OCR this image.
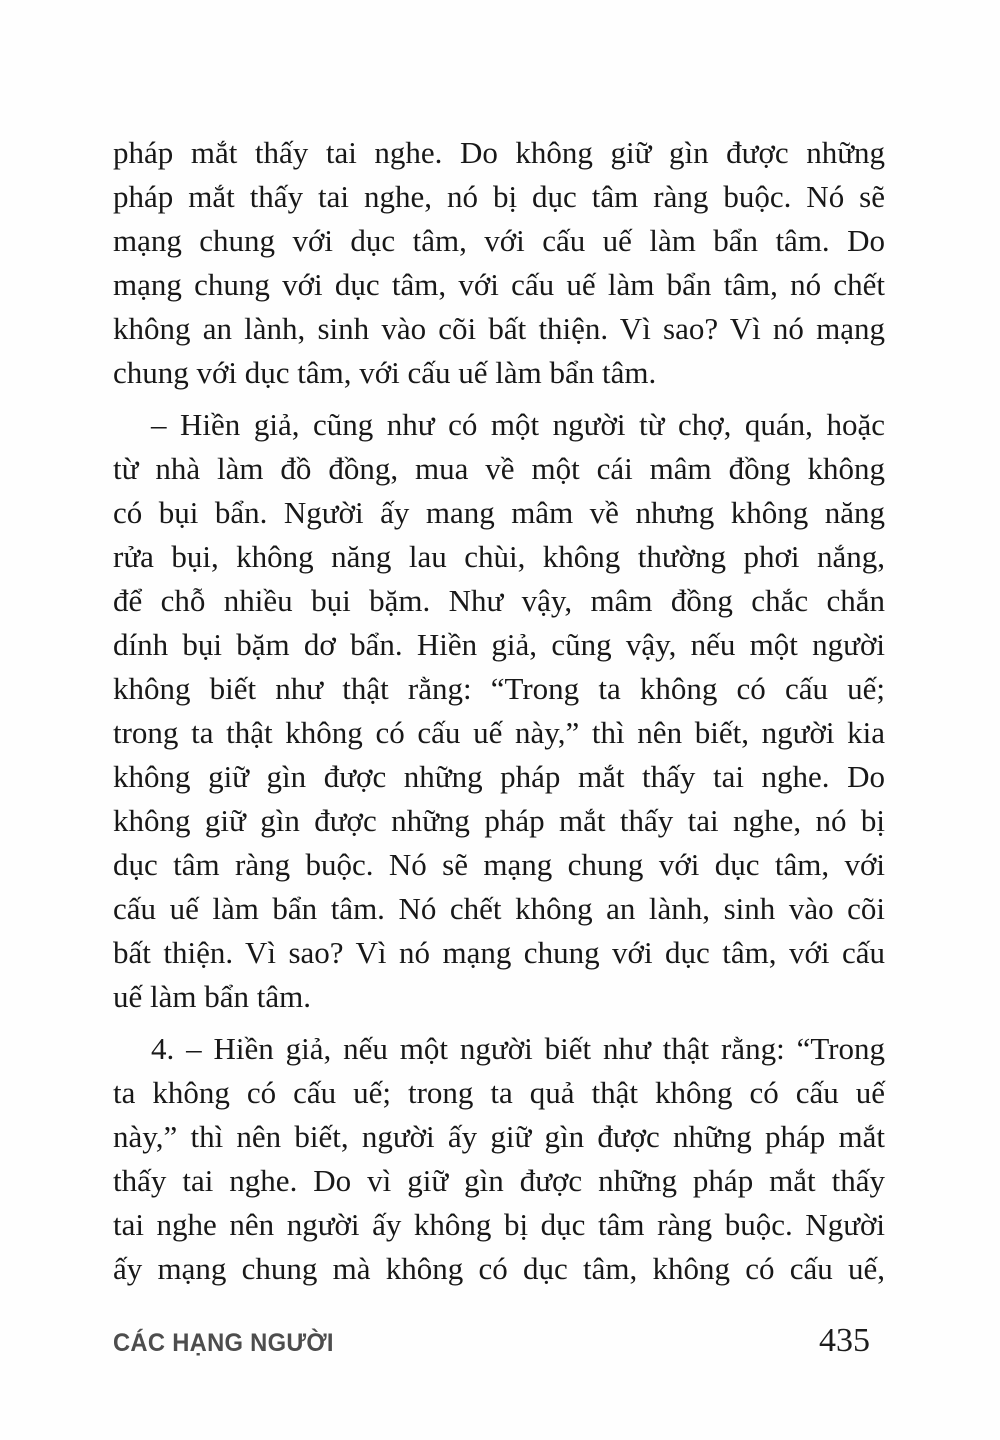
pháp mắt thấy tai nghe. Do không giữ gìn được những
pháp mắt thấy tai nghe, nó bị dục tâm ràng buộc. Nó sẽ
mạng chung với dục tâm, với cấu uế làm bẩn tâm. Do
mạng chung với dục tâm, với cấu uế làm bẩn tâm, nó chết
không an lành, sinh vào cõi bất thiện. Vì sao? Vì nó mạng
chung với dục tâm, với cấu uế làm bẩn tâm.
– Hiền giả, cũng như có một người từ chợ, quán, hoặc
từ nhà làm đồ đồng, mua về một cái mâm đồng không
có bụi bẩn. Người ấy mang mâm về nhưng không năng
rửa bụi, không năng lau chùi, không thường phơi nắng,
để chỗ nhiều bụi bặm. Như vậy, mâm đồng chắc chắn
dính bụi bặm dơ bẩn. Hiền giả, cũng vậy, nếu một người
không biết như thật rằng: “Trong ta không có cấu uế;
trong ta thật không có cấu uế này,” thì nên biết, người kia
không giữ gìn được những pháp mắt thấy tai nghe. Do
không giữ gìn được những pháp mắt thấy tai nghe, nó bị
dục tâm ràng buộc. Nó sẽ mạng chung với dục tâm, với
cấu uế làm bẩn tâm. Nó chết không an lành, sinh vào cõi
bất thiện. Vì sao? Vì nó mạng chung với dục tâm, với cấu
uế làm bẩn tâm.
4. – Hiền giả, nếu một người biết như thật rằng: “Trong
ta không có cấu uế; trong ta quả thật không có cấu uế
này,” thì nên biết, người ấy giữ gìn được những pháp mắt
thấy tai nghe. Do vì giữ gìn được những pháp mắt thấy
tai nghe nên người ấy không bị dục tâm ràng buộc. Người
ấy mạng chung mà không có dục tâm, không có cấu uế,
CÁC HẠNG NGƯỜI	435
